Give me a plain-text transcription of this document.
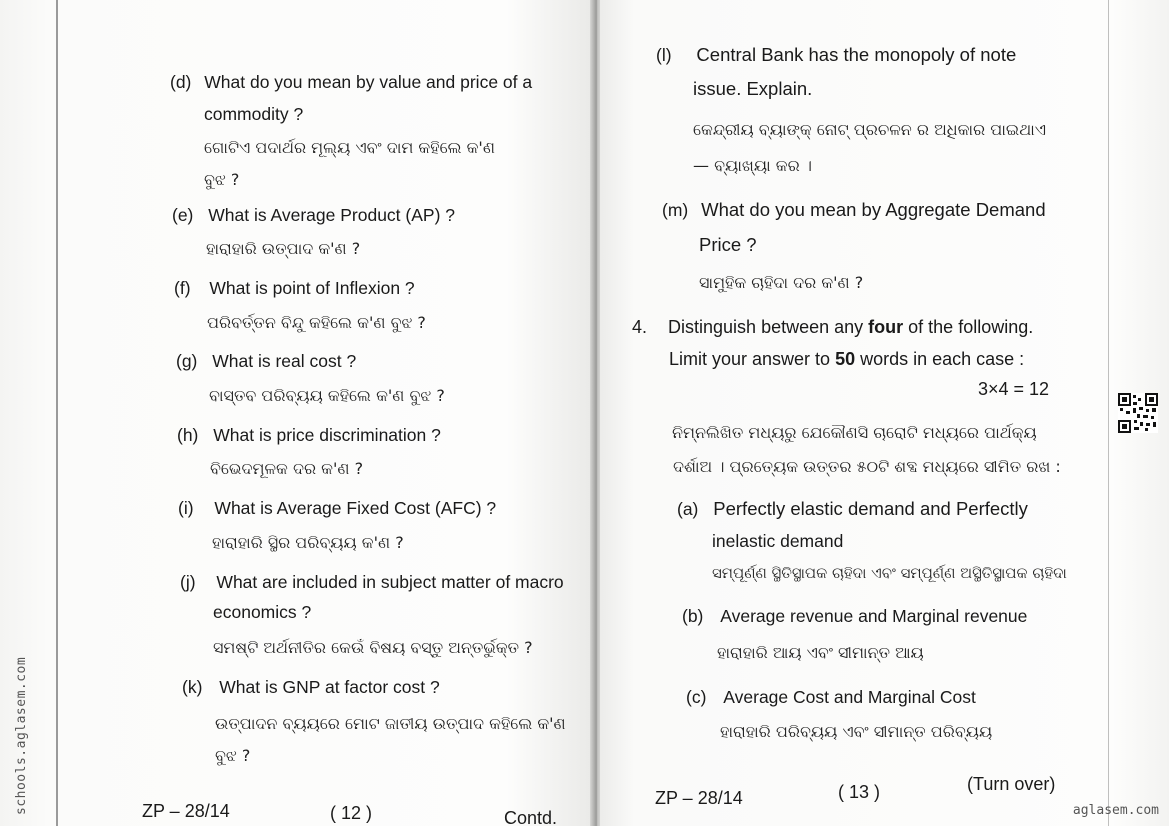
(d) What do you mean by value and price of a
commodity ?
ଗୋଟିଏ ପଦାର୍ଥର ମୂଲ୍ୟ ଏବଂ ଦାମ କହିଲେ କ'ଣ
ବୁଝ ?
(e) What is Average Product (AP) ?
ହାରାହାରି ଉତ୍ପାଦ କ'ଣ ?
(f) What is point of Inflexion ?
ପରିବର୍ତ୍ତନ ବିନ୍ଦୁ କହିଲେ କ'ଣ ବୁଝ ?
(g) What is real cost ?
ବାସ୍ତବ ପରିବ୍ୟୟ କହିଲେ କ'ଣ ବୁଝ ?
(h) What is price discrimination ?
ବିଭେଦମୂଳକ ଦର କ'ଣ ?
(i) What is Average Fixed Cost (AFC) ?
ହାରାହାରି ସ୍ଥିର ପରିବ୍ୟୟ କ'ଣ ?
(j) What are included in subject matter of macro
economics ?
ସମଷ୍ଟି ଅର୍ଥନୀତିର କେଉଁ ବିଷୟ ବସ୍ତୁ ଅନ୍ତର୍ଭୁକ୍ତ ?
(k) What is GNP at factor cost ?
ଉତ୍ପାଦନ ବ୍ୟୟରେ ମୋଟ ଜାତୀୟ ଉତ୍ପାଦ କହିଲେ କ'ଣ
ବୁଝ ?
ZP – 28/14	( 12 )	Contd.
(l) Central Bank has the monopoly of note
issue. Explain.
କେନ୍ଦ୍ରୀୟ ବ୍ୟାଙ୍କ୍ ନୋଟ୍ ପ୍ରଚଳନ ର ଅଧିକାର ପାଇଥାଏ
— ବ୍ୟାଖ୍ୟା କର ।
(m) What do you mean by Aggregate Demand
Price ?
ସାମୁହିକ ଚାହିଦା ଦର କ'ଣ ?
4. Distinguish between any four of the following.
Limit your answer to 50 words in each case :
3×4 = 12
ନିମ୍ନଲିଖିତ ମଧ୍ୟରୁ ଯେକୌଣସି ଚାରୋଟି ମଧ୍ୟରେ ପାର୍ଥକ୍ୟ
ଦର୍ଶାଅ । ପ୍ରତ୍ୟେକ ଉତ୍ତର ୫୦ଟି ଶବ୍ଦ ମଧ୍ୟରେ ସୀମିତ ରଖ :
(a) Perfectly elastic demand and Perfectly
inelastic demand
ସମ୍ପୂର୍ଣ୍ଣ ସ୍ଥିତିସ୍ଥାପକ ଚାହିଦା ଏବଂ ସମ୍ପୂର୍ଣ୍ଣ ଅସ୍ଥିତିସ୍ଥାପକ ଚାହିଦା
(b) Average revenue and Marginal revenue
ହାରାହାରି ଆୟ ଏବଂ ସୀମାନ୍ତ ଆୟ
(c) Average Cost and Marginal Cost
ହାରାହାରି ପରିବ୍ୟୟ ଏବଂ ସୀମାନ୍ତ ପରିବ୍ୟୟ
ZP – 28/14	( 13 )	(Turn over)
schools.aglasem.com	aglasem.com
